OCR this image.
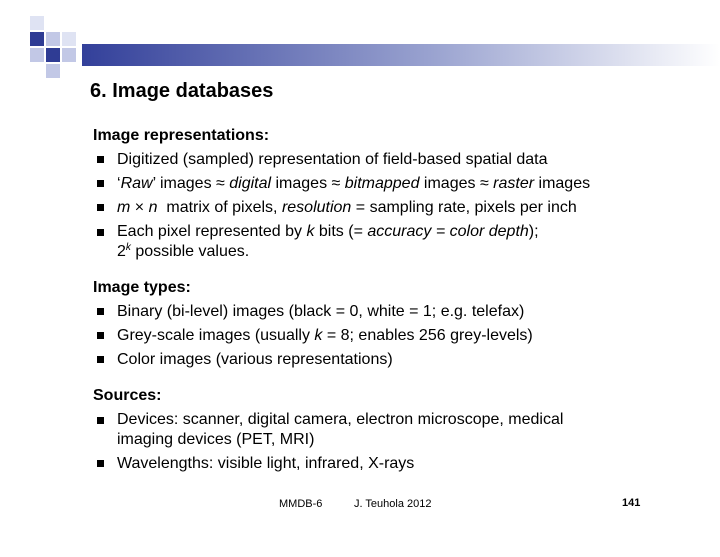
6. Image databases
Image representations:
Digitized (sampled) representation of field-based spatial data
‘Raw’ images ≈ digital images ≈ bitmapped images ≈ raster images
m × n  matrix of pixels, resolution = sampling rate, pixels per inch
Each pixel represented by k bits (= accuracy = color depth);
2$^k$ possible values.
Image types:
Binary (bi-level) images (black = 0, white = 1; e.g. telefax)
Grey-scale images (usually k = 8; enables 256 grey-levels)
Color images (various representations)
Sources:
Devices: scanner, digital camera, electron microscope, medical
imaging devices (PET, MRI)
Wavelengths: visible light, infrared, X-rays
MMDB-6	J. Teuhola 2012	141
